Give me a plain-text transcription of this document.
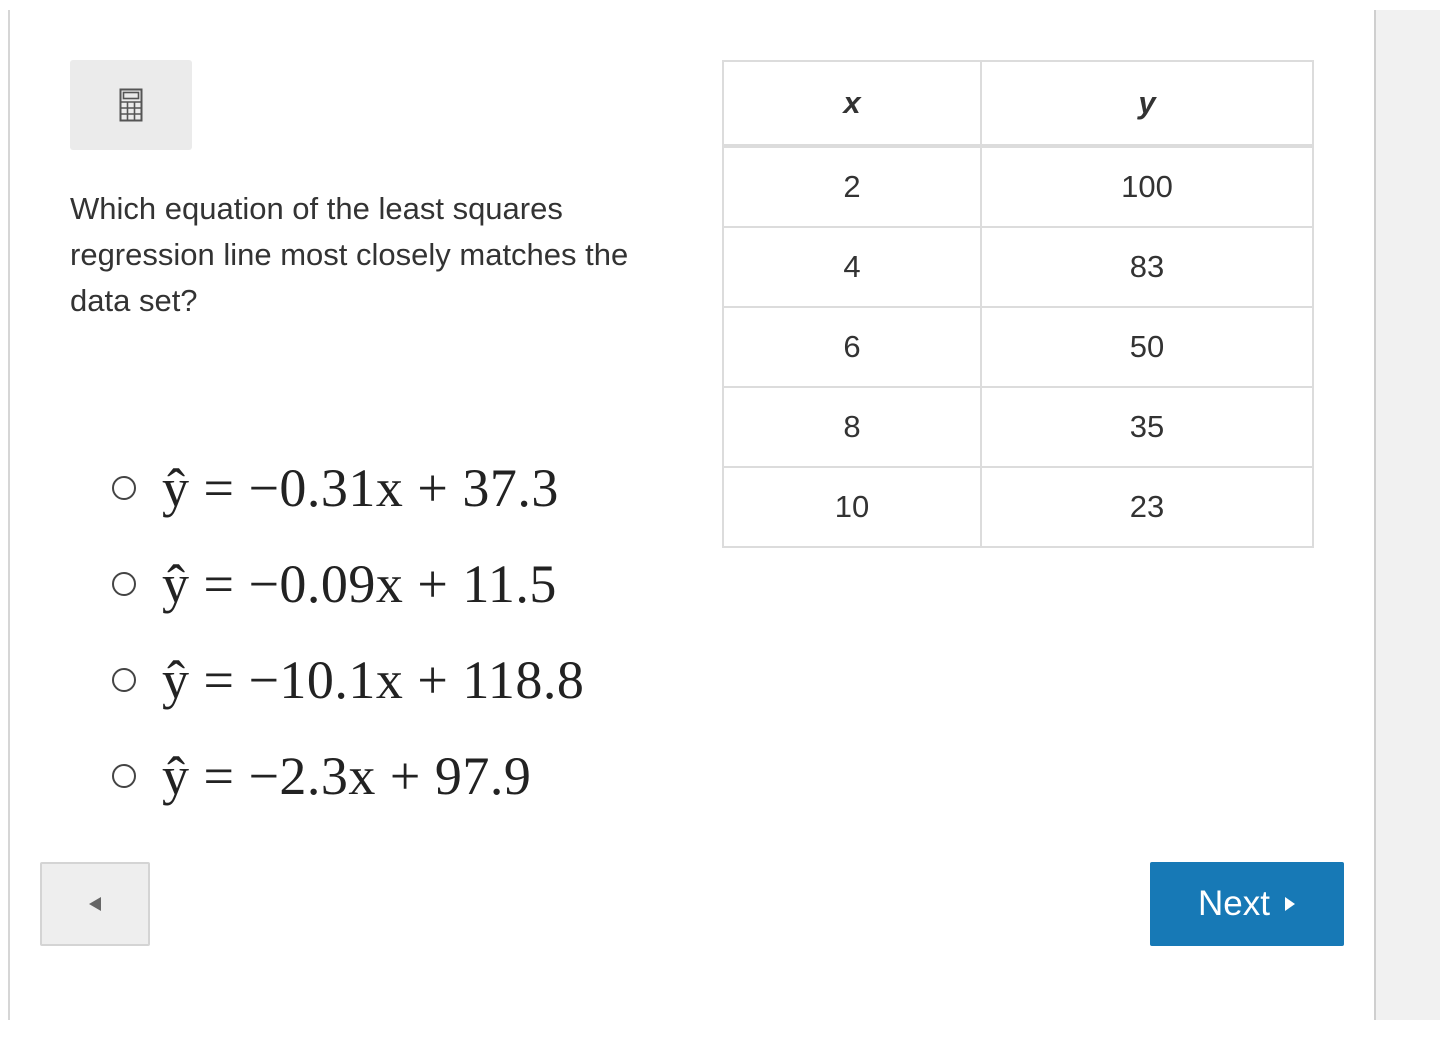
Which equation of the least squares regression line most closely matches the data set?

ŷ = −0.31x + 37.3
ŷ = −0.09x + 11.5
ŷ = −10.1x + 118.8
ŷ = −2.3x + 97.9
x	y
2	100
4	83
6	50
8	35
10	23
Next
